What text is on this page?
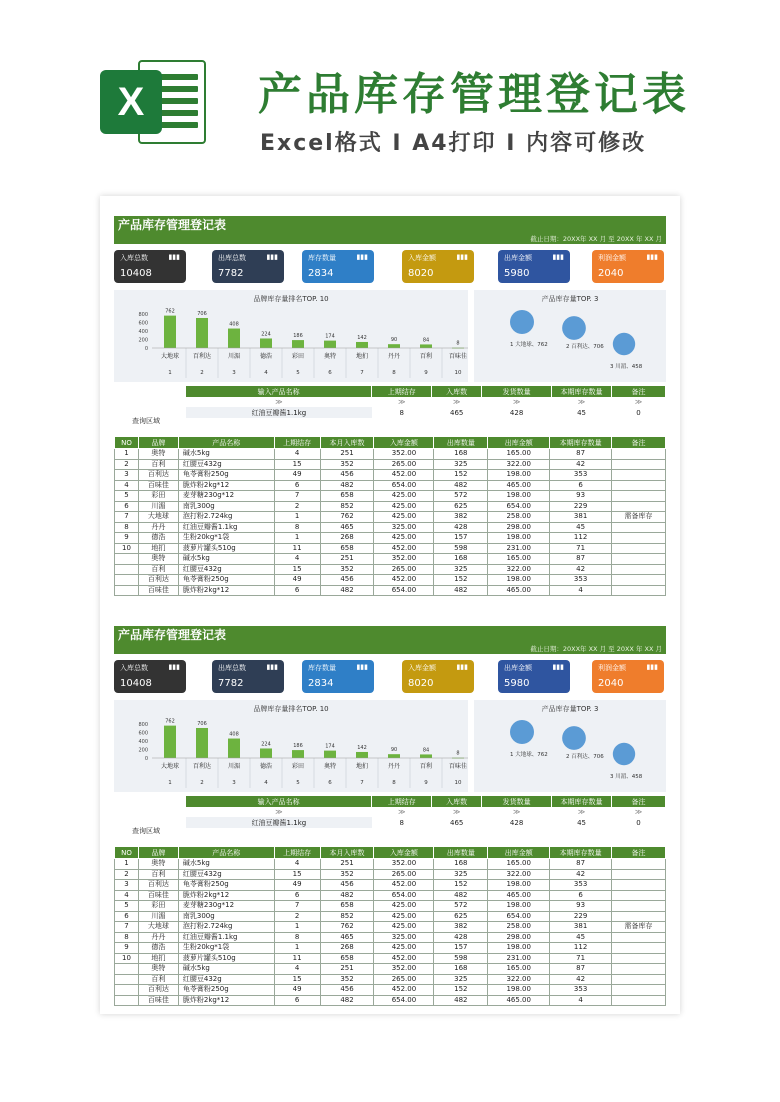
X	产品库存管理登记表
Excel格式 I A4打印 I 内容可修改
产品库存管理登记表
截止日期：20XX年 XX 月 至 20XX 年 XX 月
入库总数	▮▮▮
10408
出库总数	▮▮▮
7782
库存数量	▮▮▮
2834
入库金额	▮▮▮
8020
出库金额	▮▮▮
5980
利润金额	▮▮▮
2040
品牌库存量排名TOP. 10
800
600
400
200
0
762
大地球
1
706
百利达
2
408
川湄
3
224
德浩
4
186
彩田
5
174
奥特
6
142
地扪
7
90
丹丹
8
84
百利
9
8
百味佳
10
产品库存量TOP. 3
1 大地球、762	2 百利达、706
3 川湄、458
查询区域
输入产品名称	上期结存	入库数	发货数量	本期库存数量	备注
≫	≫	≫	≫	≫	≫
红油豆瓣酱1.1kg	8	465	428	45	0
NO	品牌	产品名称	上期结存	本月入库数	入库金额	出库数量	出库金额	本期库存数量	备注
1	奥特	碱水5kg	4	251	352.00	168	165.00	87	
2	百利	红腰豆432g	15	352	265.00	325	322.00	42	
3	百利达	龟苓膏粉250g	49	456	452.00	152	198.00	353	
4	百味佳	脆炸粉2kg*12	6	482	654.00	482	465.00	6	
5	彩田	麦芽糖230g*12	7	658	425.00	572	198.00	93	
6	川湄	南乳300g	2	852	425.00	625	654.00	229	
7	大地球	泡打粉2.724kg	1	762	425.00	382	258.00	381	需备库存
8	丹丹	红油豆瓣酱1.1kg	8	465	325.00	428	298.00	45	
9	德浩	生粉20kg*1袋	1	268	425.00	157	198.00	112	
10	地扪	菠萝片罐头510g	11	658	452.00	598	231.00	71	
	奥特	碱水5kg	4	251	352.00	168	165.00	87	
	百利	红腰豆432g	15	352	265.00	325	322.00	42	
	百利达	龟苓膏粉250g	49	456	452.00	152	198.00	353	
	百味佳	脆炸粉2kg*12	6	482	654.00	482	465.00	4	
产品库存管理登记表
截止日期：20XX年 XX 月 至 20XX 年 XX 月
入库总数	▮▮▮
10408
出库总数	▮▮▮
7782
库存数量	▮▮▮
2834
入库金额	▮▮▮
8020
出库金额	▮▮▮
5980
利润金额	▮▮▮
2040
品牌库存量排名TOP. 10
800
600
400
200
0
762
大地球
1
706
百利达
2
408
川湄
3
224
德浩
4
186
彩田
5
174
奥特
6
142
地扪
7
90
丹丹
8
84
百利
9
8
百味佳
10
产品库存量TOP. 3
1 大地球、762	2 百利达、706
3 川湄、458
查询区域
输入产品名称	上期结存	入库数	发货数量	本期库存数量	备注
≫	≫	≫	≫	≫	≫
红油豆瓣酱1.1kg	8	465	428	45	0
NO	品牌	产品名称	上期结存	本月入库数	入库金额	出库数量	出库金额	本期库存数量	备注
1	奥特	碱水5kg	4	251	352.00	168	165.00	87	
2	百利	红腰豆432g	15	352	265.00	325	322.00	42	
3	百利达	龟苓膏粉250g	49	456	452.00	152	198.00	353	
4	百味佳	脆炸粉2kg*12	6	482	654.00	482	465.00	6	
5	彩田	麦芽糖230g*12	7	658	425.00	572	198.00	93	
6	川湄	南乳300g	2	852	425.00	625	654.00	229	
7	大地球	泡打粉2.724kg	1	762	425.00	382	258.00	381	需备库存
8	丹丹	红油豆瓣酱1.1kg	8	465	325.00	428	298.00	45	
9	德浩	生粉20kg*1袋	1	268	425.00	157	198.00	112	
10	地扪	菠萝片罐头510g	11	658	452.00	598	231.00	71	
	奥特	碱水5kg	4	251	352.00	168	165.00	87	
	百利	红腰豆432g	15	352	265.00	325	322.00	42	
	百利达	龟苓膏粉250g	49	456	452.00	152	198.00	353	
	百味佳	脆炸粉2kg*12	6	482	654.00	482	465.00	4	
